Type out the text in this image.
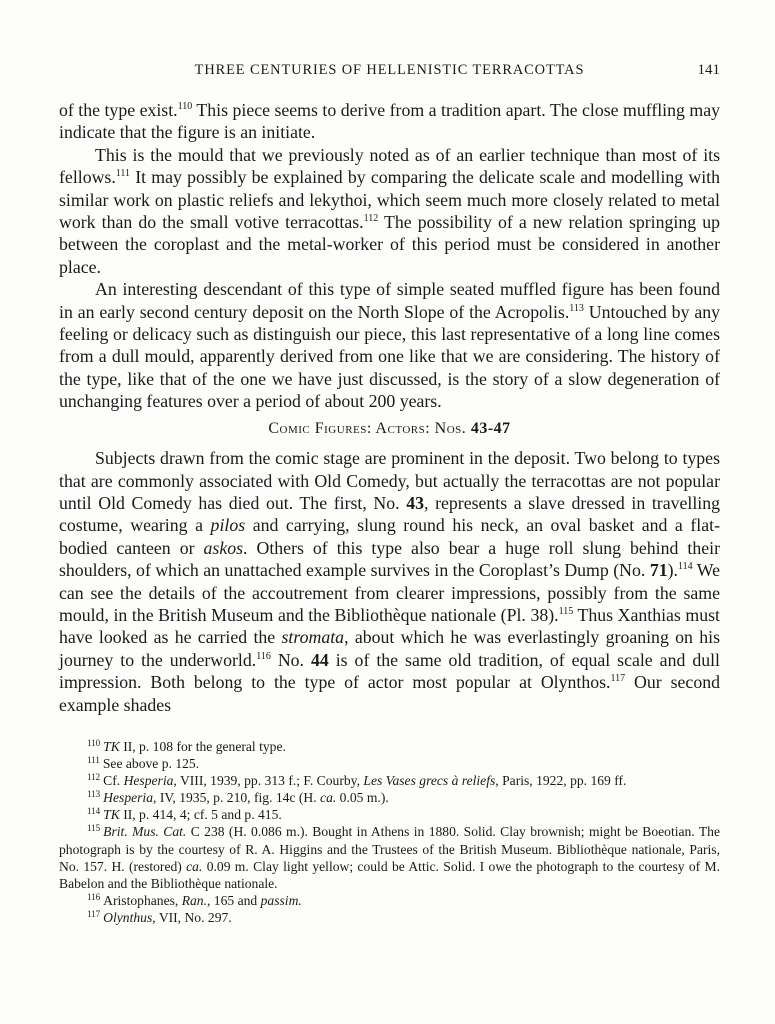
THREE CENTURIES OF HELLENISTIC TERRACOTTAS	141

of the type exist.$^{110}$ This piece seems to derive from a tradition apart. The close muffling may indicate that the figure is an initiate.

This is the mould that we previously noted as of an earlier technique than most of its fellows.$^{111}$ It may possibly be explained by comparing the delicate scale and modelling with similar work on plastic reliefs and lekythoi, which seem much more closely related to metal work than do the small votive terracottas.$^{112}$ The possibility of a new relation springing up between the coroplast and the metal-worker of this period must be considered in another place.

An interesting descendant of this type of simple seated muffled figure has been found in an early second century deposit on the North Slope of the Acropolis.$^{113}$ Untouched by any feeling or delicacy such as distinguish our piece, this last representative of a long line comes from a dull mould, apparently derived from one like that we are considering. The history of the type, like that of the one we have just discussed, is the story of a slow degeneration of unchanging features over a period of about 200 years.

Comic Figures: Actors: Nos. 43-47

Subjects drawn from the comic stage are prominent in the deposit. Two belong to types that are commonly associated with Old Comedy, but actually the terracottas are not popular until Old Comedy has died out. The first, No. 43, represents a slave dressed in travelling costume, wearing a pilos and carrying, slung round his neck, an oval basket and a flat-bodied canteen or askos. Others of this type also bear a huge roll slung behind their shoulders, of which an unattached example survives in the Coroplast’s Dump (No. 71).$^{114}$ We can see the details of the accoutrement from clearer impressions, possibly from the same mould, in the British Museum and the Bibliothèque nationale (Pl. 38).$^{115}$ Thus Xanthias must have looked as he carried the stromata, about which he was everlastingly groaning on his journey to the underworld.$^{116}$ No. 44 is of the same old tradition, of equal scale and dull impression. Both belong to the type of actor most popular at Olynthos.$^{117}$ Our second example shades

$^{110}$ TK II, p. 108 for the general type.

$^{111}$ See above p. 125.

$^{112}$ Cf. Hesperia, VIII, 1939, pp. 313 f.; F. Courby, Les Vases grecs à reliefs, Paris, 1922, pp. 169 ff.

$^{113}$ Hesperia, IV, 1935, p. 210, fig. 14c (H. ca. 0.05 m.).

$^{114}$ TK II, p. 414, 4; cf. 5 and p. 415.

$^{115}$ Brit. Mus. Cat. C 238 (H. 0.086 m.). Bought in Athens in 1880. Solid. Clay brownish; might be Boeotian. The photograph is by the courtesy of R. A. Higgins and the Trustees of the British Museum. Bibliothèque nationale, Paris, No. 157. H. (restored) ca. 0.09 m. Clay light yellow; could be Attic. Solid. I owe the photograph to the courtesy of M. Babelon and the Bibliothèque nationale.

$^{116}$ Aristophanes, Ran., 165 and passim.

$^{117}$ Olynthus, VII, No. 297.
